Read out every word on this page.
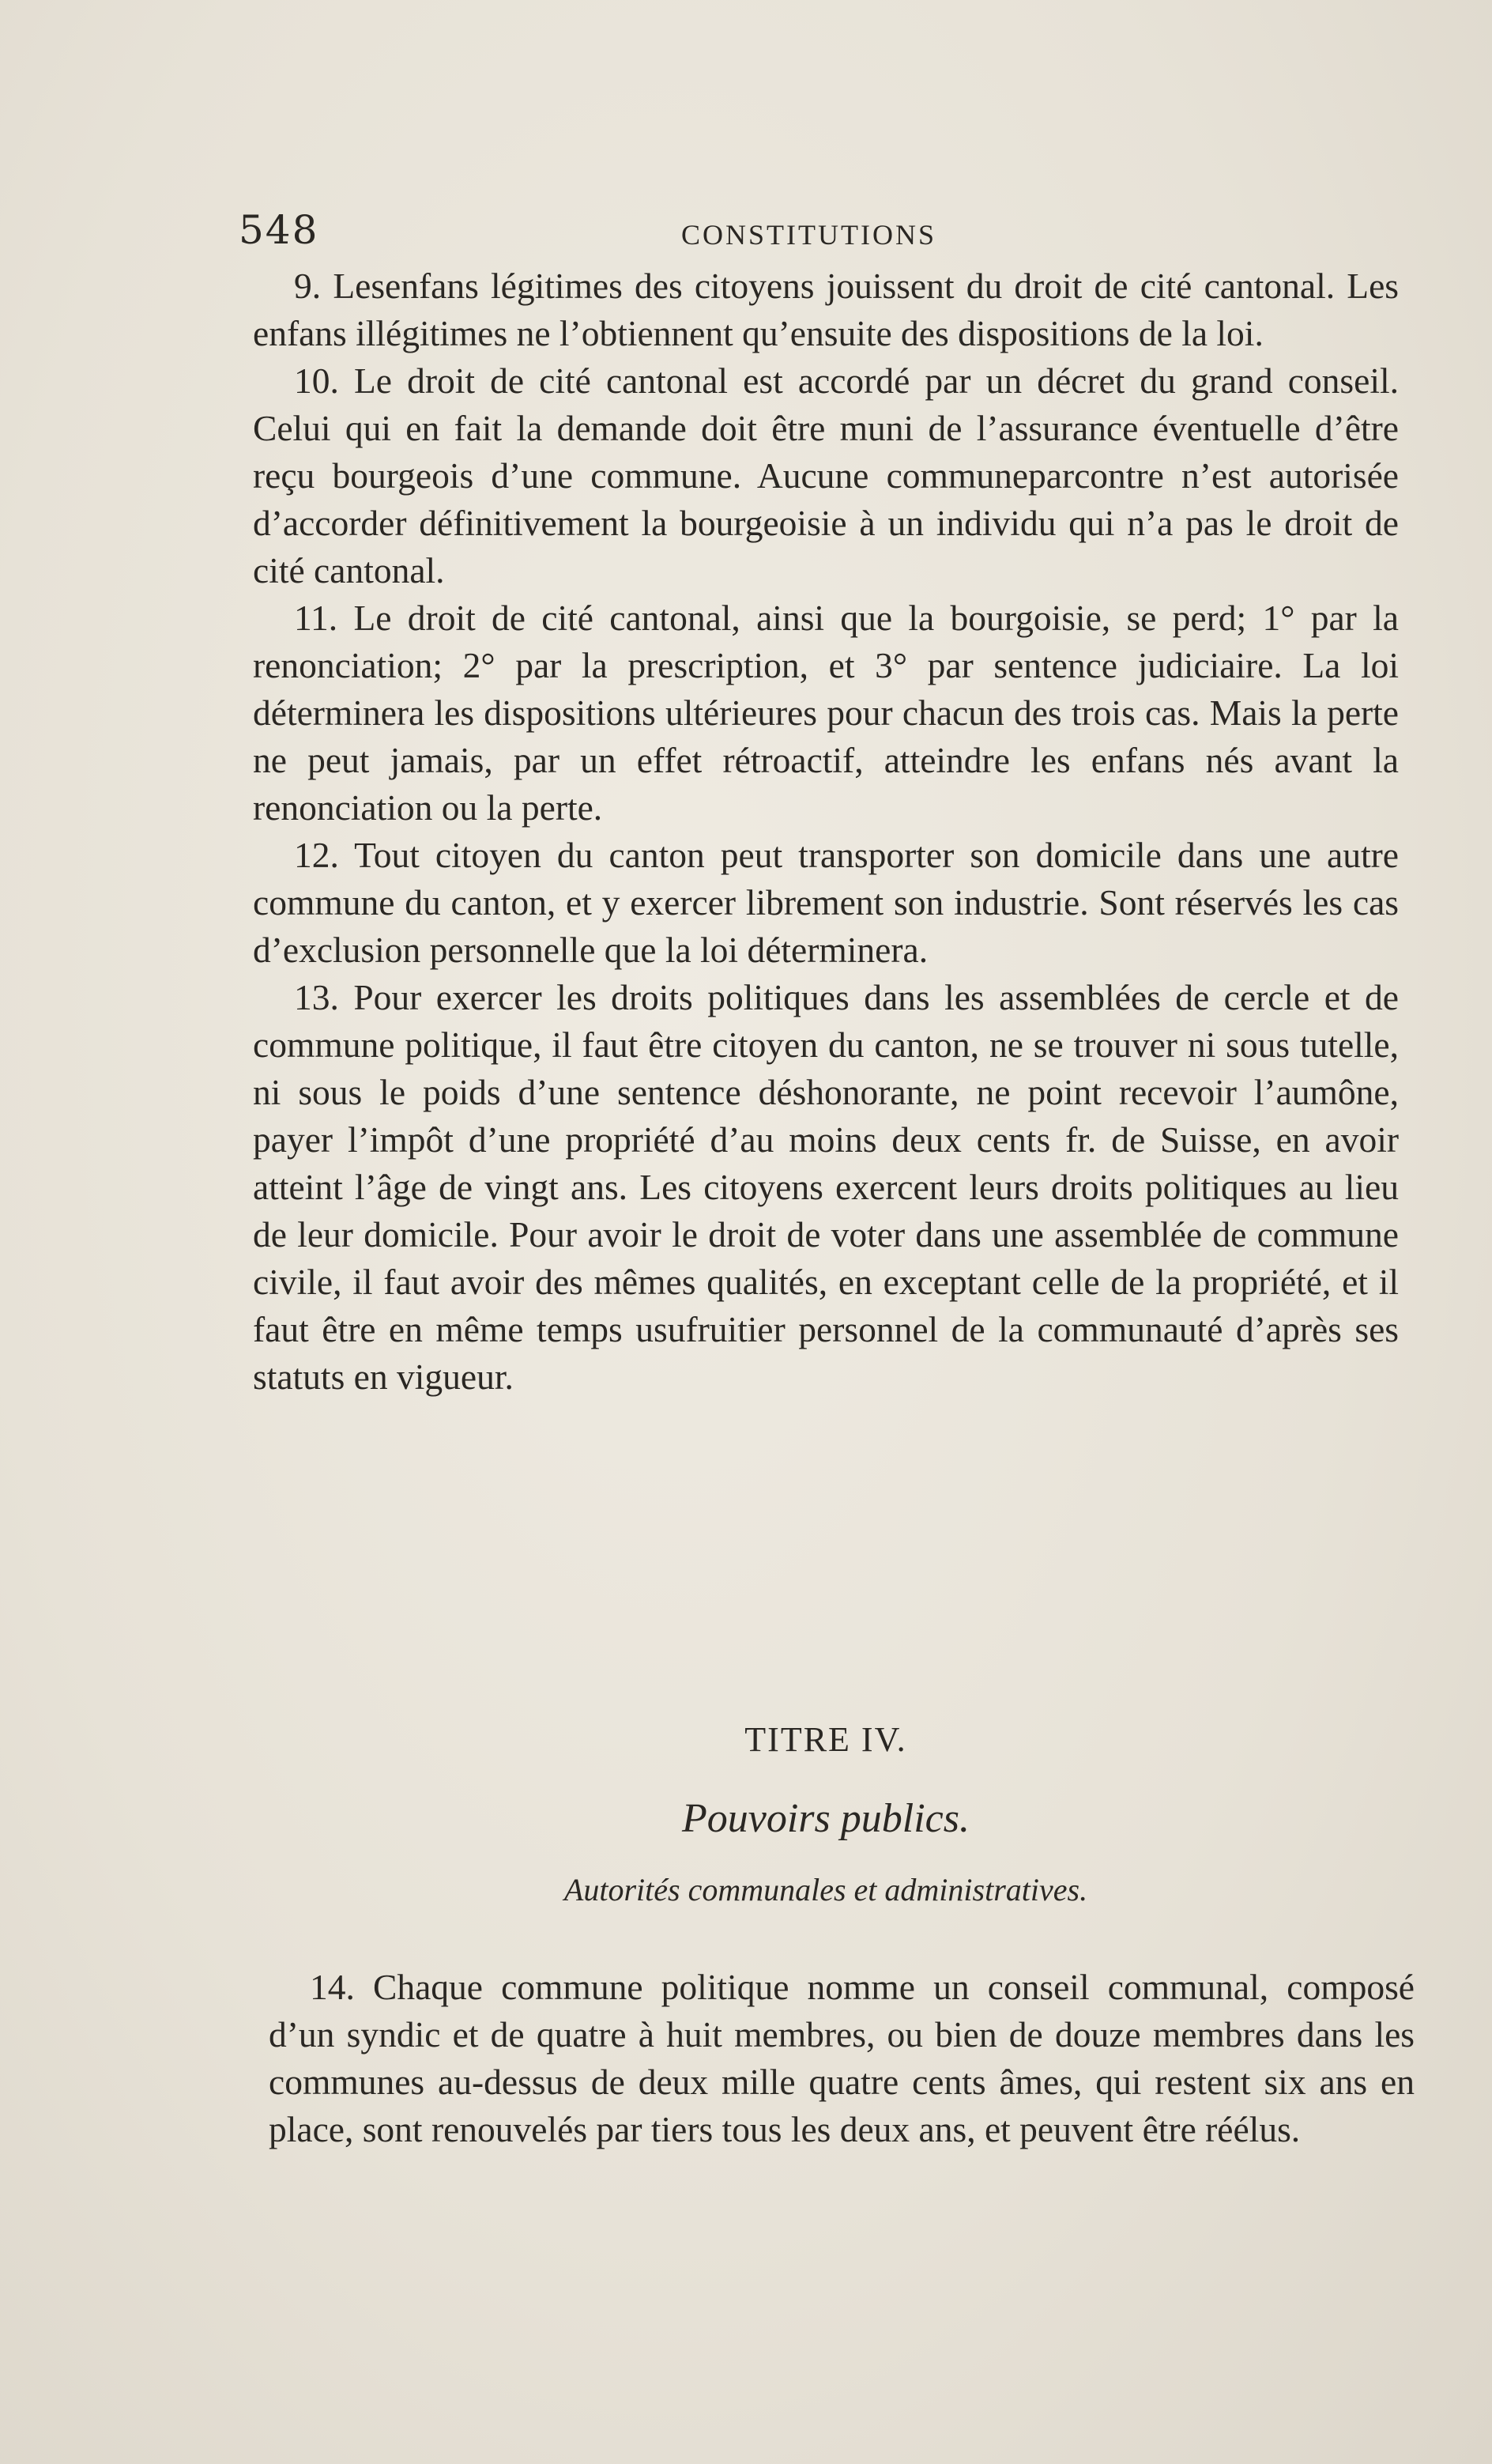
548	CONSTITUTIONS

9. Lesenfans légitimes des citoyens jouissent du droit de cité cantonal. Les enfans illégitimes ne l’obtiennent qu’ensuite des dispositions de la loi.

10. Le droit de cité cantonal est accordé par un décret du grand conseil. Celui qui en fait la demande doit être muni de l’assurance éventuelle d’être reçu bourgeois d’une commune. Aucune communeparcontre n’est autorisée d’accorder définitivement la bourgeoisie à un individu qui n’a pas le droit de cité cantonal.

11. Le droit de cité cantonal, ainsi que la bourgoisie, se perd; 1° par la renonciation; 2° par la prescription, et 3° par sentence judiciaire. La loi déterminera les dispositions ultérieures pour chacun des trois cas. Mais la perte ne peut jamais, par un effet rétroactif, atteindre les enfans nés avant la renonciation ou la perte.

12. Tout citoyen du canton peut transporter son domicile dans une autre commune du canton, et y exercer librement son industrie. Sont réservés les cas d’exclusion personnelle que la loi déterminera.

13. Pour exercer les droits politiques dans les assemblées de cercle et de commune politique, il faut être citoyen du canton, ne se trouver ni sous tutelle, ni sous le poids d’une sentence déshonorante, ne point recevoir l’aumône, payer l’impôt d’une propriété d’au moins deux cents fr. de Suisse, en avoir atteint l’âge de vingt ans. Les citoyens exercent leurs droits politiques au lieu de leur domicile. Pour avoir le droit de voter dans une assemblée de commune civile, il faut avoir des mêmes qualités, en exceptant celle de la propriété, et il faut être en même temps usufruitier personnel de la communauté d’après ses statuts en vigueur.

TITRE IV.
Pouvoirs publics.
Autorités communales et administratives.

14. Chaque commune politique nomme un conseil communal, composé d’un syndic et de quatre à huit membres, ou bien de douze membres dans les communes au-dessus de deux mille quatre cents âmes, qui restent six ans en place, sont renouvelés par tiers tous les deux ans, et peuvent être réélus.
